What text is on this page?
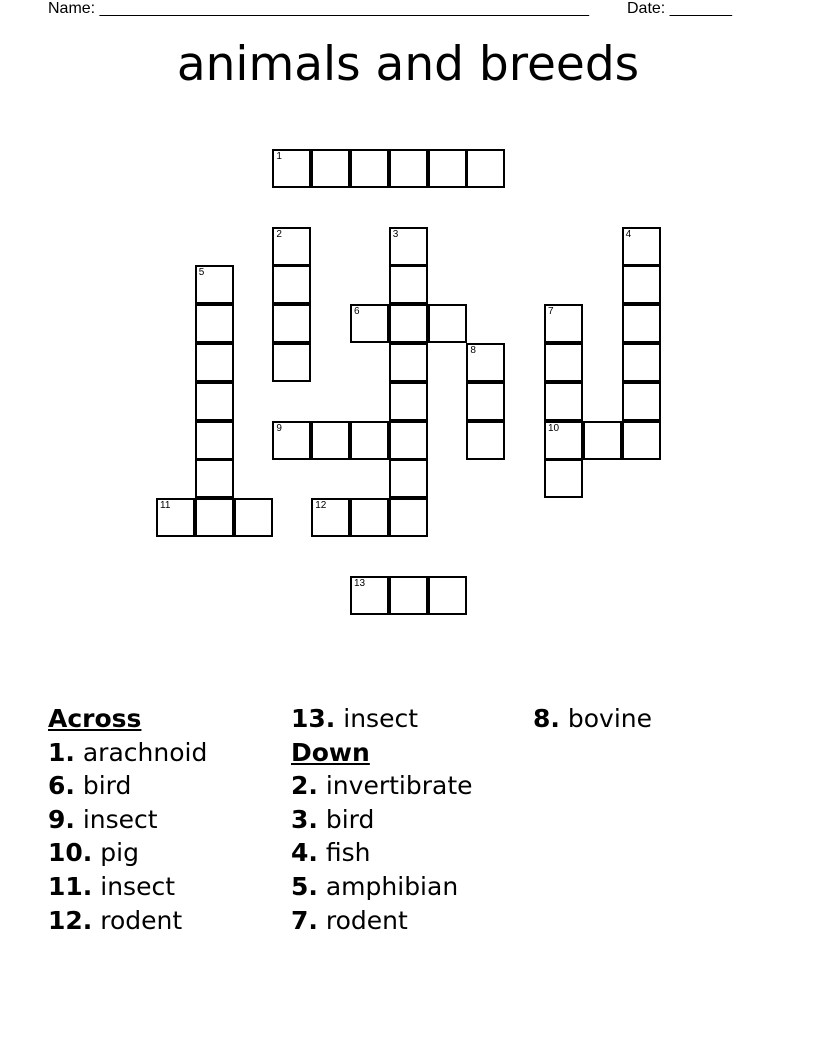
Name: _______________________________________________________ Date: _______
animals and breeds
1
2	3	4
5
6	7
10
8
9
11	12
13
Across
1. arachnoid
6. bird
9. insect
10. pig
11. insect
12. rodent
13. insect
Down
2. invertibrate
3. bird
4. fish
5. amphibian
7. rodent
8. bovine
